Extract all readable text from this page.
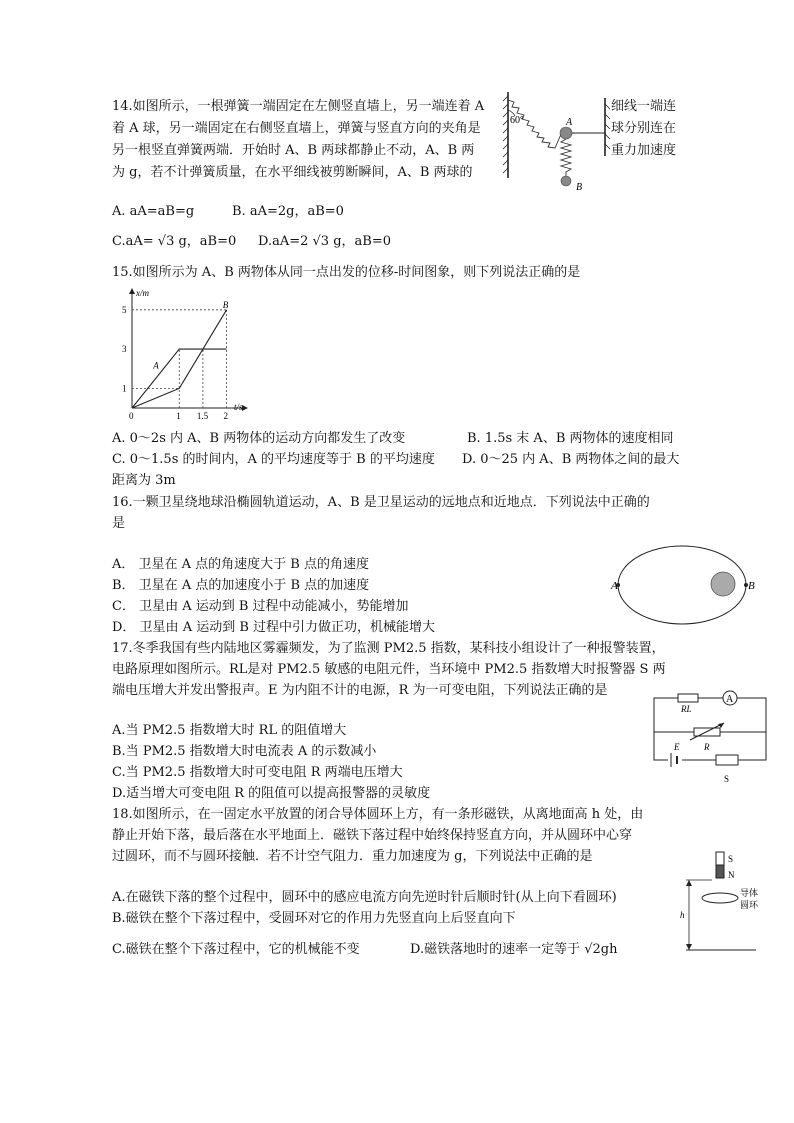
14.如图所示，一根弹簧一端固定在左侧竖直墙上，另一端连着 A
着 A 球，另一端固定在右侧竖直墙上，弹簧与竖直方向的夹角是
另一根竖直弹簧两端．开始时 A、B 两球都静止不动，A、B 两
为 g，若不计弹簧质量，在水平细线被剪断瞬间，A、B 两球的
60°	A
B
细线一端连
球分别连在
重力加速度
A. aA=aB=g	B. aA=2g，aB=0
C.aA= √3 g，aB=0 D.aA=2 √3 g，aB=0
15.如图所示为 A、B 两物体从同一点出发的位移-时间图象，则下列说法正确的是
t/s
x/m
A
B
0	1 1.5 2
1
3
5
A. 0～2s 内 A、B 两物体的运动方向都发生了改变	B. 1.5s 末 A、B 两物体的速度相同
C. 0～1.5s 的时间内，A 的平均速度等于 B 的平均速度 D. 0～25 内 A、B 两物体之间的最大
距离为 3m
16.一颗卫星绕地球沿椭圆轨道运动，A、B 是卫星运动的远地点和近地点．下列说法中正确的
是
A． 卫星在 A 点的角速度大于 B 点的角速度
B． 卫星在 A 点的加速度小于 B 点的加速度
C． 卫星由 A 运动到 B 过程中动能减小，势能增加
D． 卫星由 A 运动到 B 过程中引力做正功，机械能增大
A	B
17.冬季我国有些内陆地区雾霾频发，为了监测 PM2.5 指数，某科技小组设计了一种报警装置，
电路原理如图所示。RL是对 PM2.5 敏感的电阻元件，当环境中 PM2.5 指数增大时报警器 S 两
端电压增大并发出警报声。E 为内阻不计的电源，R 为一可变电阻，下列说法正确的是
A.当 PM2.5 指数增大时 RL 的阻值增大
B.当 PM2.5 指数增大时电流表 A 的示数减小
C.当 PM2.5 指数增大时可变电阻 R 两端电压增大
D.适当增大可变电阻 R 的阻值可以提高报警器的灵敏度
RL
A
R
E
S
18.如图所示，在一固定水平放置的闭合导体圆环上方，有一条形磁铁，从离地面高 h 处，由
静止开始下落，最后落在水平地面上．磁铁下落过程中始终保持竖直方向，并从圆环中心穿
过圆环，而不与圆环接触．若不计空气阻力．重力加速度为 g，下列说法中正确的是
A.在磁铁下落的整个过程中，圆环中的感应电流方向先逆时针后顺时针(从上向下看圆环)
B.磁铁在整个下落过程中，受圆环对它的作用力先竖直向上后竖直向下
C.磁铁在整个下落过程中，它的机械能不变	D.磁铁落地时的速率一定等于 √2gh
h
S
N
导体
圆环
